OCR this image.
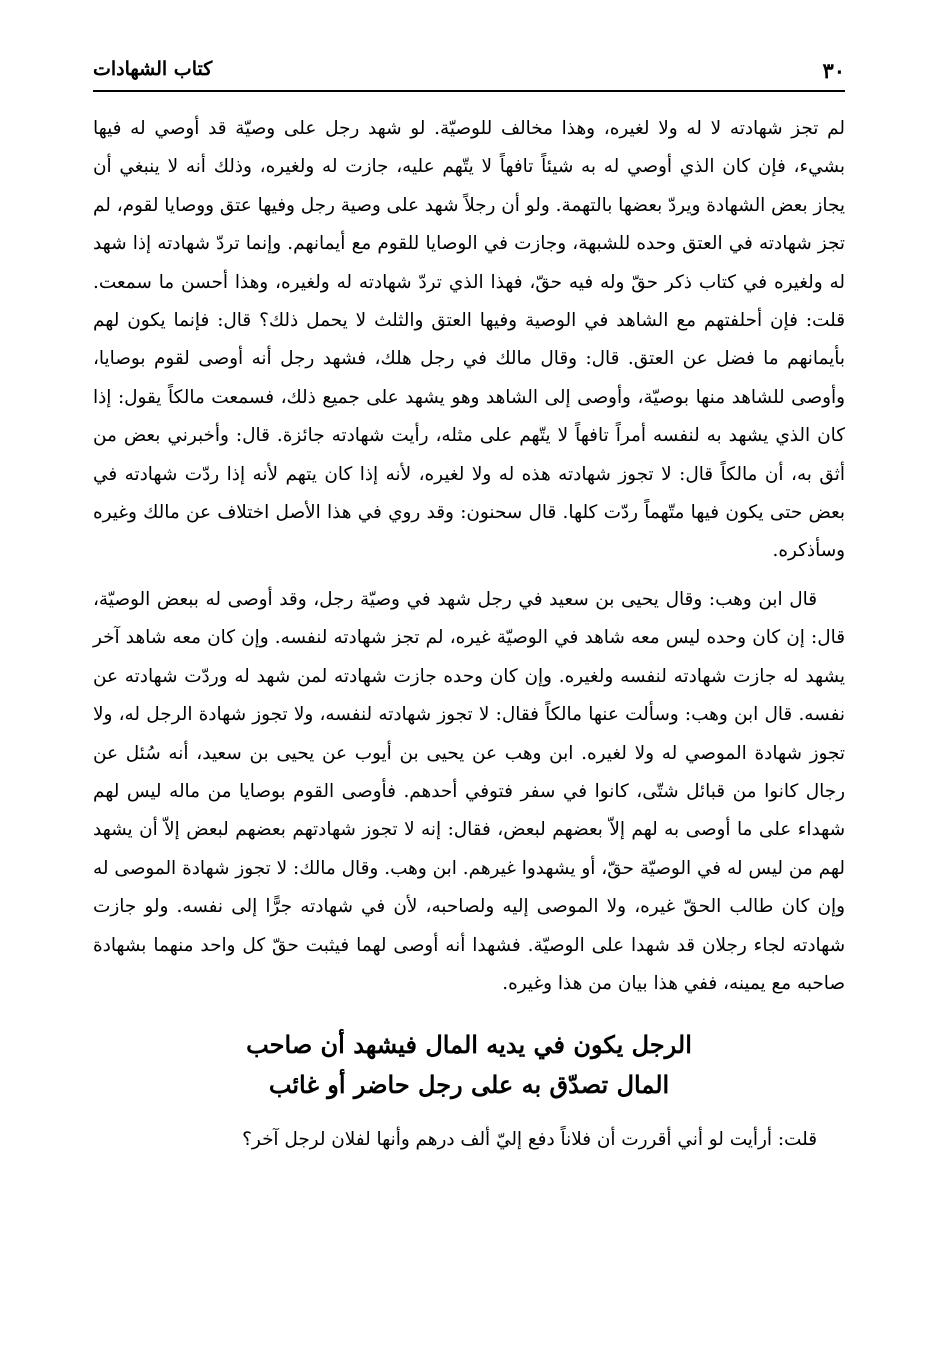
٣٠
كتاب الشهادات

لم تجز شهادته لا له ولا لغيره، وهذا مخالف للوصيّة. لو شهد رجل على وصيّة قد أوصي له فيها بشيء، فإن كان الذي أوصي له به شيئاً تافهاً لا يتّهم عليه، جازت له ولغيره، وذلك أنه لا ينبغي أن يجاز بعض الشهادة ويردّ بعضها بالتهمة. ولو أن رجلاً شهد على وصية رجل وفيها عتق ووصايا لقوم، لم تجز شهادته في العتق وحده للشبهة، وجازت في الوصايا للقوم مع أيمانهم. وإنما تردّ شهادته إذا شهد له ولغيره في كتاب ذكر حقّ وله فيه حقّ، فهذا الذي تردّ شهادته له ولغيره، وهذا أحسن ما سمعت. قلت: فإن أحلفتهم مع الشاهد في الوصية وفيها العتق والثلث لا يحمل ذلك؟ قال: فإنما يكون لهم بأيمانهم ما فضل عن العتق. قال: وقال مالك في رجل هلك، فشهد رجل أنه أوصى لقوم بوصايا، وأوصى للشاهد منها بوصيّة، وأوصى إلى الشاهد وهو يشهد على جميع ذلك، فسمعت مالكاً يقول: إذا كان الذي يشهد به لنفسه أمراً تافهاً لا يتّهم على مثله، رأيت شهادته جائزة. قال: وأخبرني بعض من أثق به، أن مالكاً قال: لا تجوز شهادته هذه له ولا لغيره، لأنه إذا كان يتهم لأنه إذا ردّت شهادته في بعض حتى يكون فيها متّهماً ردّت كلها. قال سحنون: وقد روي في هذا الأصل اختلاف عن مالك وغيره وسأذكره.

قال ابن وهب: وقال يحيى بن سعيد في رجل شهد في وصيّة رجل، وقد أوصى له ببعض الوصيّة، قال: إن كان وحده ليس معه شاهد في الوصيّة غيره، لم تجز شهادته لنفسه. وإن كان معه شاهد آخر يشهد له جازت شهادته لنفسه ولغيره. وإن كان وحده جازت شهادته لمن شهد له وردّت شهادته عن نفسه. قال ابن وهب: وسألت عنها مالكاً فقال: لا تجوز شهادته لنفسه، ولا تجوز شهادة الرجل له، ولا تجوز شهادة الموصي له ولا لغيره. ابن وهب عن يحيى بن أيوب عن يحيى بن سعيد، أنه سُئل عن رجال كانوا من قبائل شتّى، كانوا في سفر فتوفي أحدهم. فأوصى القوم بوصايا من ماله ليس لهم شهداء على ما أوصى به لهم إلاّ بعضهم لبعض، فقال: إنه لا تجوز شهادتهم بعضهم لبعض إلاّ أن يشهد لهم من ليس له في الوصيّة حقّ، أو يشهدوا غيرهم. ابن وهب. وقال مالك: لا تجوز شهادة الموصى له وإن كان طالب الحقّ غيره، ولا الموصى إليه ولصاحبه، لأن في شهادته جرًّا إلى نفسه. ولو جازت شهادته لجاء رجلان قد شهدا على الوصيّة. فشهدا أنه أوصى لهما فيثبت حقّ كل واحد منهما بشهادة صاحبه مع يمينه، ففي هذا بيان من هذا وغيره.

الرجل يكون في يديه المال فيشهد أن صاحب
المال تصدّق به على رجل حاضر أو غائب

قلت: أرأيت لو أني أقررت أن فلاناً دفع إليّ ألف درهم وأنها لفلان لرجل آخر؟
